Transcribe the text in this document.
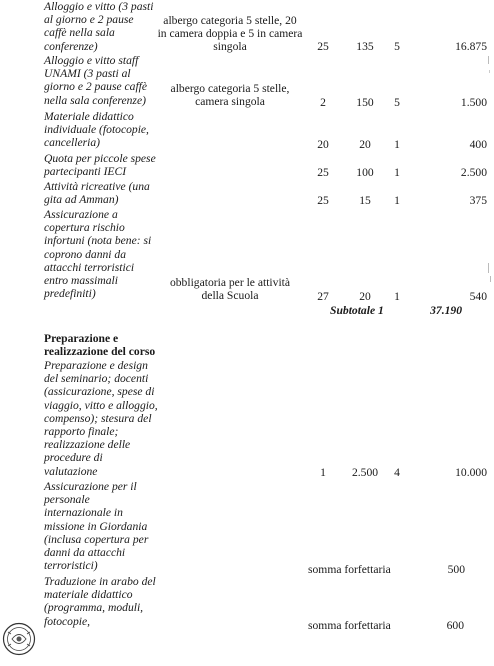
Alloggio e vitto (3 pasti
al giorno e 2 pause
caffè nella sala
conferenze)
albergo categoria 5 stelle, 20
in camera doppia e 5 in camera
singola	25	135	5	16.875
Alloggio e vitto staff
UNAMI (3 pasti al
giorno e 2 pause caffè
nella sala conferenze)
albergo categoria 5 stelle,
camera singola	2	150	5	1.500
Materiale didattico
individuale (fotocopie,
cancelleria)	20	20	1	400
Quota per piccole spese
partecipanti IECI	25	100	1	2.500
Attività ricreative (una
gita ad Amman)	25	15	1	375
Assicurazione a
copertura rischio
infortuni (nota bene: si
coprono danni da
attacchi terroristici
entro massimali
predefiniti)
obbligatoria per le attività
della Scuola	27	20	1	540
Subtotale 1	37.190
Preparazione e
realizzazione del corso
Preparazione e design
del seminario; docenti
(assicurazione, spese di
viaggio, vitto e alloggio,
compenso); stesura del
rapporto finale;
realizzazione delle
procedure di
valutazione	1	2.500	4	10.000
Assicurazione per il
personale
internazionale in
missione in Giordania
(inclusa copertura per
danni da attacchi
terroristici)	somma forfettaria	500
Traduzione in arabo del
materiale didattico
(programma, moduli,
fotocopie,	somma forfettaria	600
